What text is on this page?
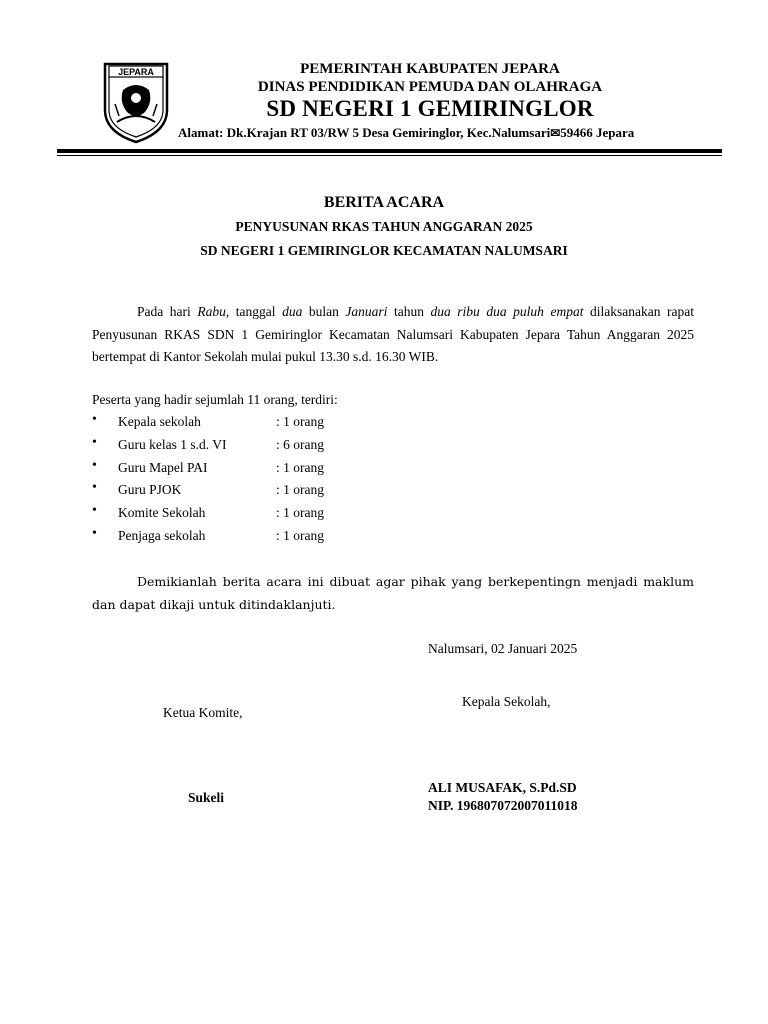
JEPARA	PEMERINTAH KABUPATEN JEPARA
DINAS PENDIDIKAN PEMUDA DAN OLAHRAGA
SD NEGERI 1 GEMIRINGLOR
Alamat: Dk.Krajan RT 03/RW 5 Desa Gemiringlor, Kec.Nalumsari✉59466 Jepara
BERITA ACARA
PENYUSUNAN RKAS TAHUN ANGGARAN 2025
SD NEGERI 1 GEMIRINGLOR KECAMATAN NALUMSARI
Pada hari Rabu, tanggal dua bulan Januari tahun dua ribu dua puluh empat dilaksanakan rapat Penyusunan RKAS SDN 1 Gemiringlor Kecamatan Nalumsari Kabupaten Jepara Tahun Anggaran 2025 bertempat di Kantor Sekolah mulai pukul 13.30 s.d. 16.30 WIB.
Peserta yang hadir sejumlah 11 orang, terdiri:
• Kepala sekolah	: 1 orang
• Guru kelas 1 s.d. VI	: 6 orang
• Guru Mapel PAI	: 1 orang
• Guru PJOK	: 1 orang
• Komite Sekolah	: 1 orang
• Penjaga sekolah	: 1 orang
Demikianlah berita acara ini dibuat agar pihak yang berkepentingn menjadi maklum dan dapat dikaji untuk ditindaklanjuti.
Nalumsari, 02 Januari 2025
Ketua Komite,
Kepala Sekolah,
Sukeli
ALI MUSAFAK, S.Pd.SD
NIP. 196807072007011018
